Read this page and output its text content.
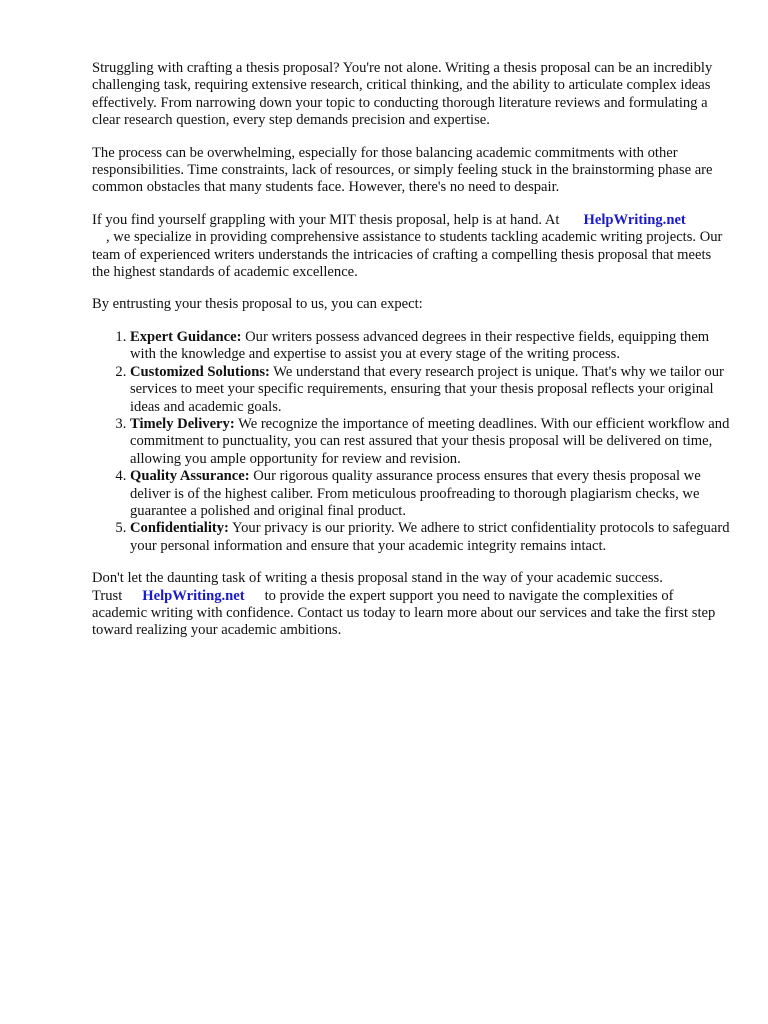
Struggling with crafting a thesis proposal? You're not alone. Writing a thesis proposal can be an incredibly challenging task, requiring extensive research, critical thinking, and the ability to articulate complex ideas effectively. From narrowing down your topic to conducting thorough literature reviews and formulating a clear research question, every step demands precision and expertise.

The process can be overwhelming, especially for those balancing academic commitments with other responsibilities. Time constraints, lack of resources, or simply feeling stuck in the brainstorming phase are common obstacles that many students face. However, there's no need to despair.

If you find yourself grappling with your MIT thesis proposal, help is at hand. At HelpWriting.net
, we specialize in providing comprehensive assistance to students tackling academic writing projects. Our team of experienced writers understands the intricacies of crafting a compelling thesis proposal that meets the highest standards of academic excellence.

By entrusting your thesis proposal to us, you can expect:

1. Expert Guidance: Our writers possess advanced degrees in their respective fields, equipping them with the knowledge and expertise to assist you at every stage of the writing process.
2. Customized Solutions: We understand that every research project is unique. That's why we tailor our services to meet your specific requirements, ensuring that your thesis proposal reflects your original ideas and academic goals.
3. Timely Delivery: We recognize the importance of meeting deadlines. With our efficient workflow and commitment to punctuality, you can rest assured that your thesis proposal will be delivered on time, allowing you ample opportunity for review and revision.
4. Quality Assurance: Our rigorous quality assurance process ensures that every thesis proposal we deliver is of the highest caliber. From meticulous proofreading to thorough plagiarism checks, we guarantee a polished and original final product.
5. Confidentiality: Your privacy is our priority. We adhere to strict confidentiality protocols to safeguard your personal information and ensure that your academic integrity remains intact.

Don't let the daunting task of writing a thesis proposal stand in the way of your academic success. Trust HelpWriting.net to provide the expert support you need to navigate the complexities of academic writing with confidence. Contact us today to learn more about our services and take the first step toward realizing your academic ambitions.
